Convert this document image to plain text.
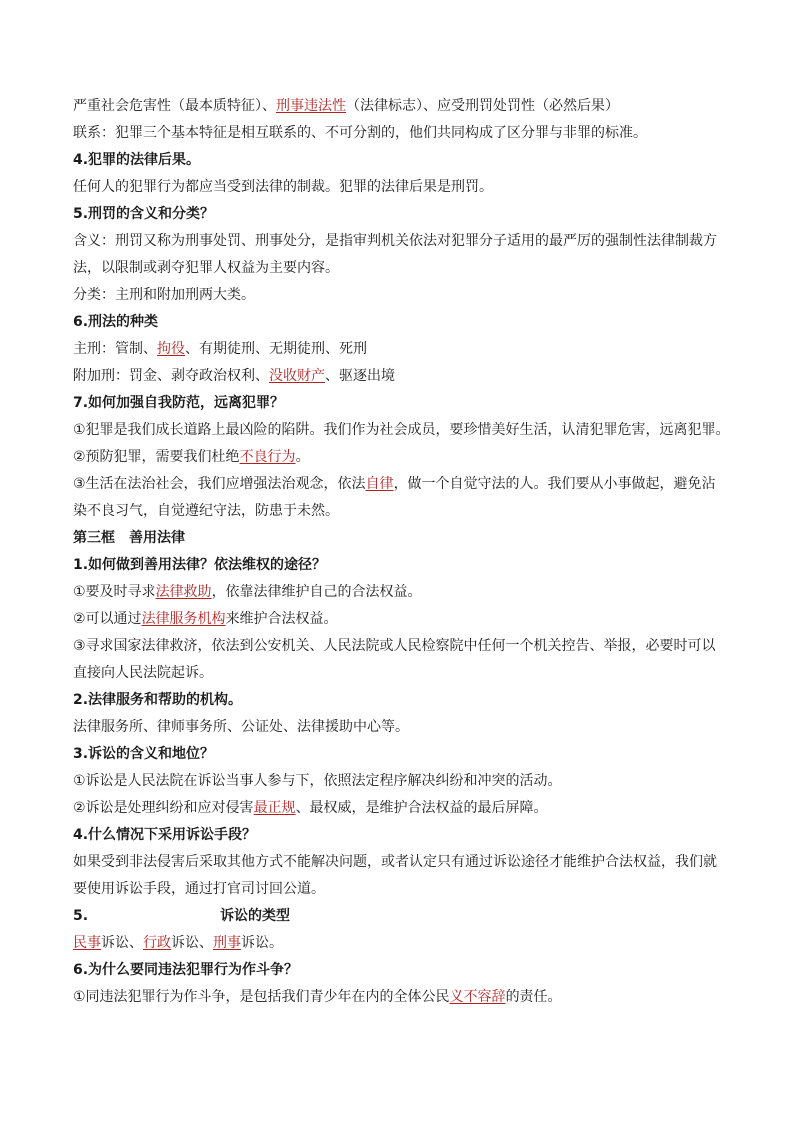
严重社会危害性（最本质特征）、刑事违法性（法律标志）、应受刑罚处罚性（必然后果）
联系：犯罪三个基本特征是相互联系的、不可分割的，他们共同构成了区分罪与非罪的标准。
4.犯罪的法律后果。
任何人的犯罪行为都应当受到法律的制裁。犯罪的法律后果是刑罚。
5.刑罚的含义和分类？
含义：刑罚又称为刑事处罚、刑事处分，是指审判机关依法对犯罪分子适用的最严厉的强制性法律制裁方
法，以限制或剥夺犯罪人权益为主要内容。
分类：主刑和附加刑两大类。
6.刑法的种类
主刑：管制、拘役、有期徒刑、无期徒刑、死刑
附加刑：罚金、剥夺政治权利、没收财产、驱逐出境
7.如何加强自我防范，远离犯罪？
①犯罪是我们成长道路上最凶险的陷阱。我们作为社会成员，要珍惜美好生活，认清犯罪危害，远离犯罪。
②预防犯罪，需要我们杜绝不良行为。
③生活在法治社会，我们应增强法治观念，依法自律，做一个自觉守法的人。我们要从小事做起，避免沾
染不良习气，自觉遵纪守法，防患于未然。
第三框　善用法律
1.如何做到善用法律？依法维权的途径？
①要及时寻求法律救助，依靠法律维护自己的合法权益。
②可以通过法律服务机构来维护合法权益。
③寻求国家法律救济，依法到公安机关、人民法院或人民检察院中任何一个机关控告、举报，必要时可以
直接向人民法院起诉。
2.法律服务和帮助的机构。
法律服务所、律师事务所、公证处、法律援助中心等。
3.诉讼的含义和地位？
①诉讼是人民法院在诉讼当事人参与下，依照法定程序解决纠纷和冲突的活动。
②诉讼是处理纠纷和应对侵害最正规、最权威，是维护合法权益的最后屏障。
4.什么情况下采用诉讼手段？
如果受到非法侵害后采取其他方式不能解决问题，或者认定只有通过诉讼途径才能维护合法权益，我们就
要使用诉讼手段，通过打官司讨回公道。
5.	诉讼的类型
民事诉讼、行政诉讼、刑事诉讼。
6.为什么要同违法犯罪行为作斗争？
①同违法犯罪行为作斗争，是包括我们青少年在内的全体公民义不容辞的责任。
